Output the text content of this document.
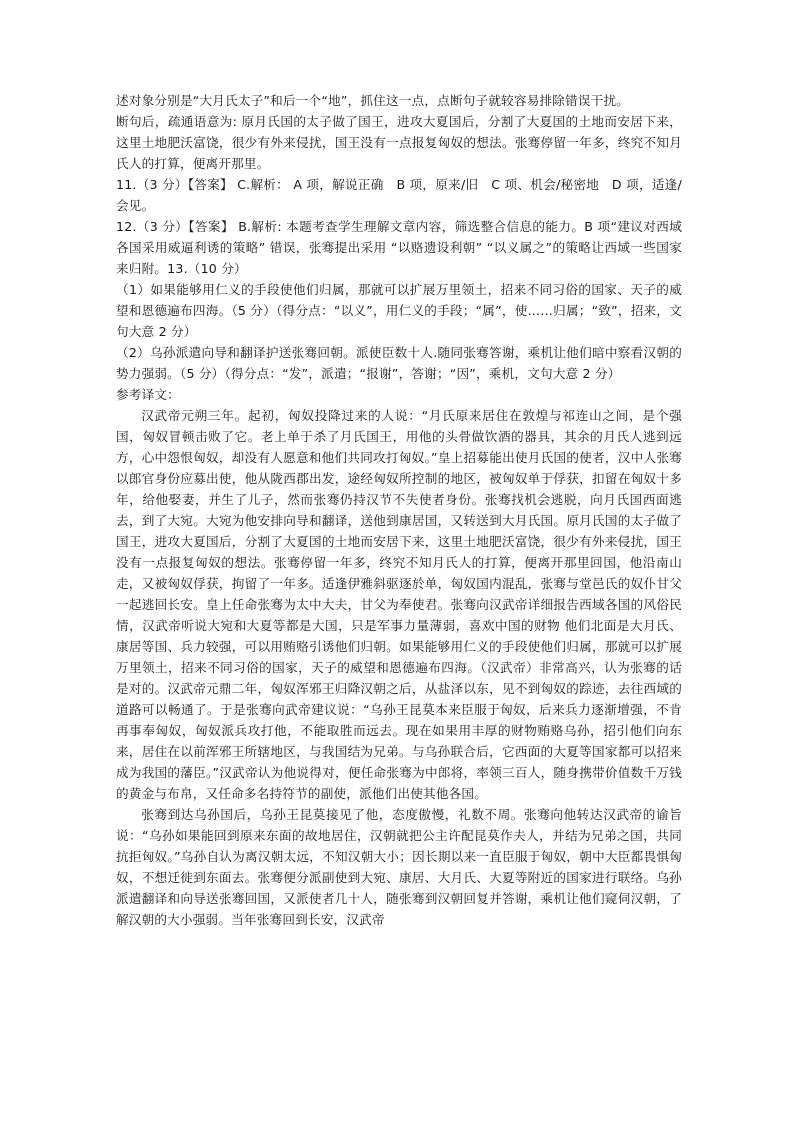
述对象分别是“大月氏太子”和后一个“地”，抓住这一点，点断句子就较容易排除错误干扰。

断句后，疏通语意为: 原月氏国的太子做了国王，进攻大夏国后，分割了大夏国的土地而安居下来，这里土地肥沃富饶，很少有外来侵扰，国王没有一点报复匈奴的想法。张骞停留一年多，终究不知月氏人的打算，便离开那里。

11.（3 分）【答案】 C.解析： A 项，解说正确　B 项，原来/旧　C 项、机会/秘密地　D 项，适逢/会见。

12.（3 分）【答案】 B.解析: 本题考查学生理解文章内容，筛选整合信息的能力。B 项“建议对西域各国采用威逼利诱的策略” 错误，张骞提出采用 “以赂遗设利朝” “以义属之”的策略让西域一些国家来归附。13.（10 分）

（1）如果能够用仁义的手段使他们归属，那就可以扩展万里领土，招来不同习俗的国家、天子的威望和恩德遍布四海。（5 分）（得分点：“以义”，用仁义的手段；“属”，使……归属；“致”，招来，文句大意 2 分）

（2）乌孙派遣向导和翻译护送张骞回朝。派使臣数十人.随同张骞答谢，乘机让他们暗中察看汉朝的势力强弱。（5 分）（得分点：“发”，派遣；“报谢”，答谢；“因”，乘机，文句大意 2 分）

参考译文：

汉武帝元朔三年。起初，匈奴投降过来的人说：“月氏原来居住在敦煌与祁连山之间，是个强国，匈奴冒顿击败了它。老上单于杀了月氏国王，用他的头骨做饮酒的器具，其余的月氏人逃到远方，心中怨恨匈奴，却没有人愿意和他们共同攻打匈奴。”皇上招募能出使月氏国的使者，汉中人张骞以郎官身份应募出使，他从陇西郡出发，途经匈奴所控制的地区，被匈奴单于俘获，扣留在匈奴十多年，给他娶妻，并生了儿子，然而张骞仍持汉节不失使者身份。张骞找机会逃脱，向月氏国西面逃去，到了大宛。大宛为他安排向导和翻译，送他到康居国，又转送到大月氏国。原月氏国的太子做了国王，进攻大夏国后，分割了大夏国的土地而安居下来，这里土地肥沃富饶，很少有外来侵扰，国王没有一点报复匈奴的想法。张骞停留一年多，终究不知月氏人的打算，便离开那里回国，他沿南山走，又被匈奴俘获，拘留了一年多。适逢伊雅斜驱逐於单，匈奴国内混乱，张骞与堂邑氏的奴仆甘父一起逃回长安。皇上任命张骞为太中大夫，甘父为奉使君。张骞向汉武帝详细报告西域各国的风俗民情，汉武帝听说大宛和大夏等都是大国，只是军事力量薄弱，喜欢中国的财物 他们北面是大月氏、康居等国、兵力较强，可以用贿赂引诱他们归朝。如果能够用仁义的手段使他们归属，那就可以扩展万里领土，招来不同习俗的国家，天子的威望和恩德遍布四海。（汉武帝）非常高兴，认为张骞的话是对的。汉武帝元鼎二年，匈奴浑邪王归降汉朝之后，从盐泽以东，见不到匈奴的踪迹，去往西域的道路可以畅通了。于是张骞向武帝建议说：“乌孙王昆莫本来臣服于匈奴，后来兵力逐渐增强，不肯再事奉匈奴，匈奴派兵攻打他，不能取胜而远去。现在如果用丰厚的财物贿赂乌孙，招引他们向东来，居住在以前浑邪王所辖地区，与我国结为兄弟。与乌孙联合后，它西面的大夏等国家都可以招来成为我国的藩臣。”汉武帝认为他说得对，便任命张骞为中郎将，率领三百人，随身携带价值数千万钱的黄金与布帛，又任命多名持符节的副使，派他们出使其他各国。

张骞到达乌孙国后，乌孙王昆莫接见了他，态度傲慢，礼数不周。张骞向他转达汉武帝的谕旨说：“乌孙如果能回到原来东面的故地居住，汉朝就把公主许配昆莫作夫人，并结为兄弟之国，共同抗拒匈奴。”乌孙自认为离汉朝太远，不知汉朝大小；因长期以来一直臣服于匈奴，朝中大臣都畏惧匈奴，不想迁徙到东面去。张骞便分派副使到大宛、康居、大月氏、大夏等附近的国家进行联络。乌孙派遣翻译和向导送张骞回国，又派使者几十人，随张骞到汉朝回复并答谢，乘机让他们窥伺汉朝，了解汉朝的大小强弱。当年张骞回到长安，汉武帝
